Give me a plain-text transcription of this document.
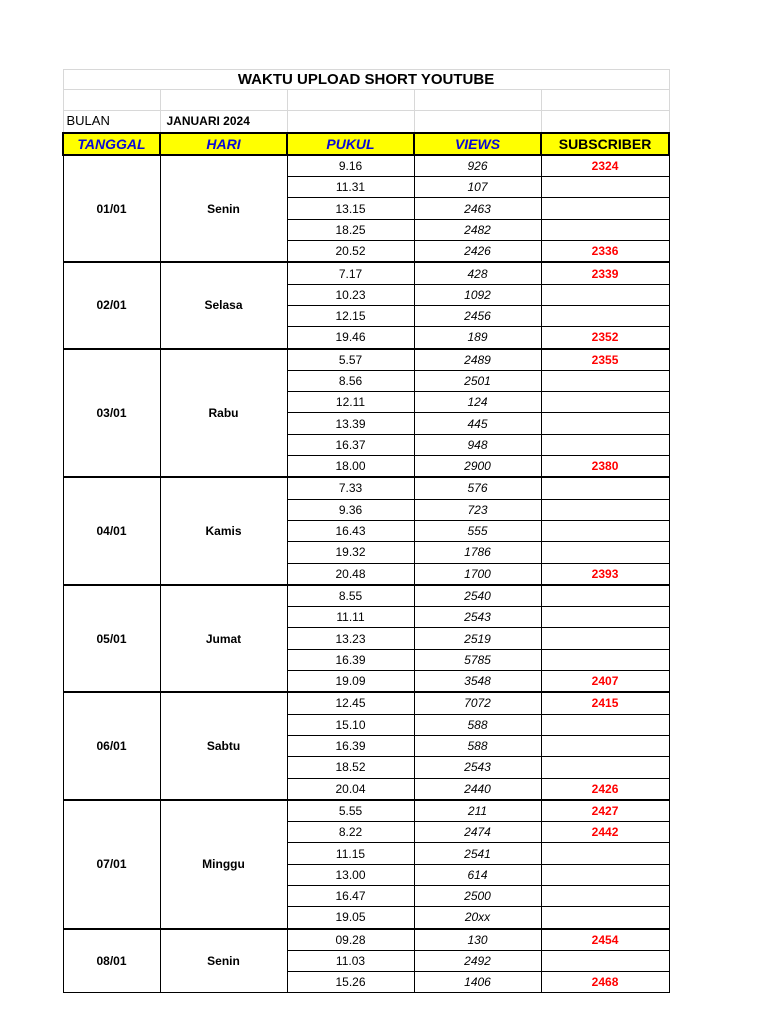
WAKTU UPLOAD SHORT YOUTUBE				

BULAN	JANUARI 2024			
TANGGAL	HARI	PUKUL	VIEWS	SUBSCRIBER
01/01	Senin	9.16	926	2324
		11.31	107	
		13.15	2463	
		18.25	2482	
		20.52	2426	2336
02/01	Selasa	7.17	428	2339
		10.23	1092	
		12.15	2456	
		19.46	189	2352
03/01	Rabu	5.57	2489	2355
		8.56	2501	
		12.11	124	
		13.39	445	
		16.37	948	
		18.00	2900	2380
04/01	Kamis	7.33	576	
		9.36	723	
		16.43	555	
		19.32	1786	
		20.48	1700	2393
05/01	Jumat	8.55	2540	
		11.11	2543	
		13.23	2519	
		16.39	5785	
		19.09	3548	2407
06/01	Sabtu	12.45	7072	2415
		15.10	588	
		16.39	588	
		18.52	2543	
		20.04	2440	2426
07/01	Minggu	5.55	211	2427
		8.22	2474	2442
		11.15	2541	
		13.00	614	
		16.47	2500	
		19.05	20xx	
08/01	Senin	09.28	130	2454
		11.03	2492	
		15.26	1406	2468
